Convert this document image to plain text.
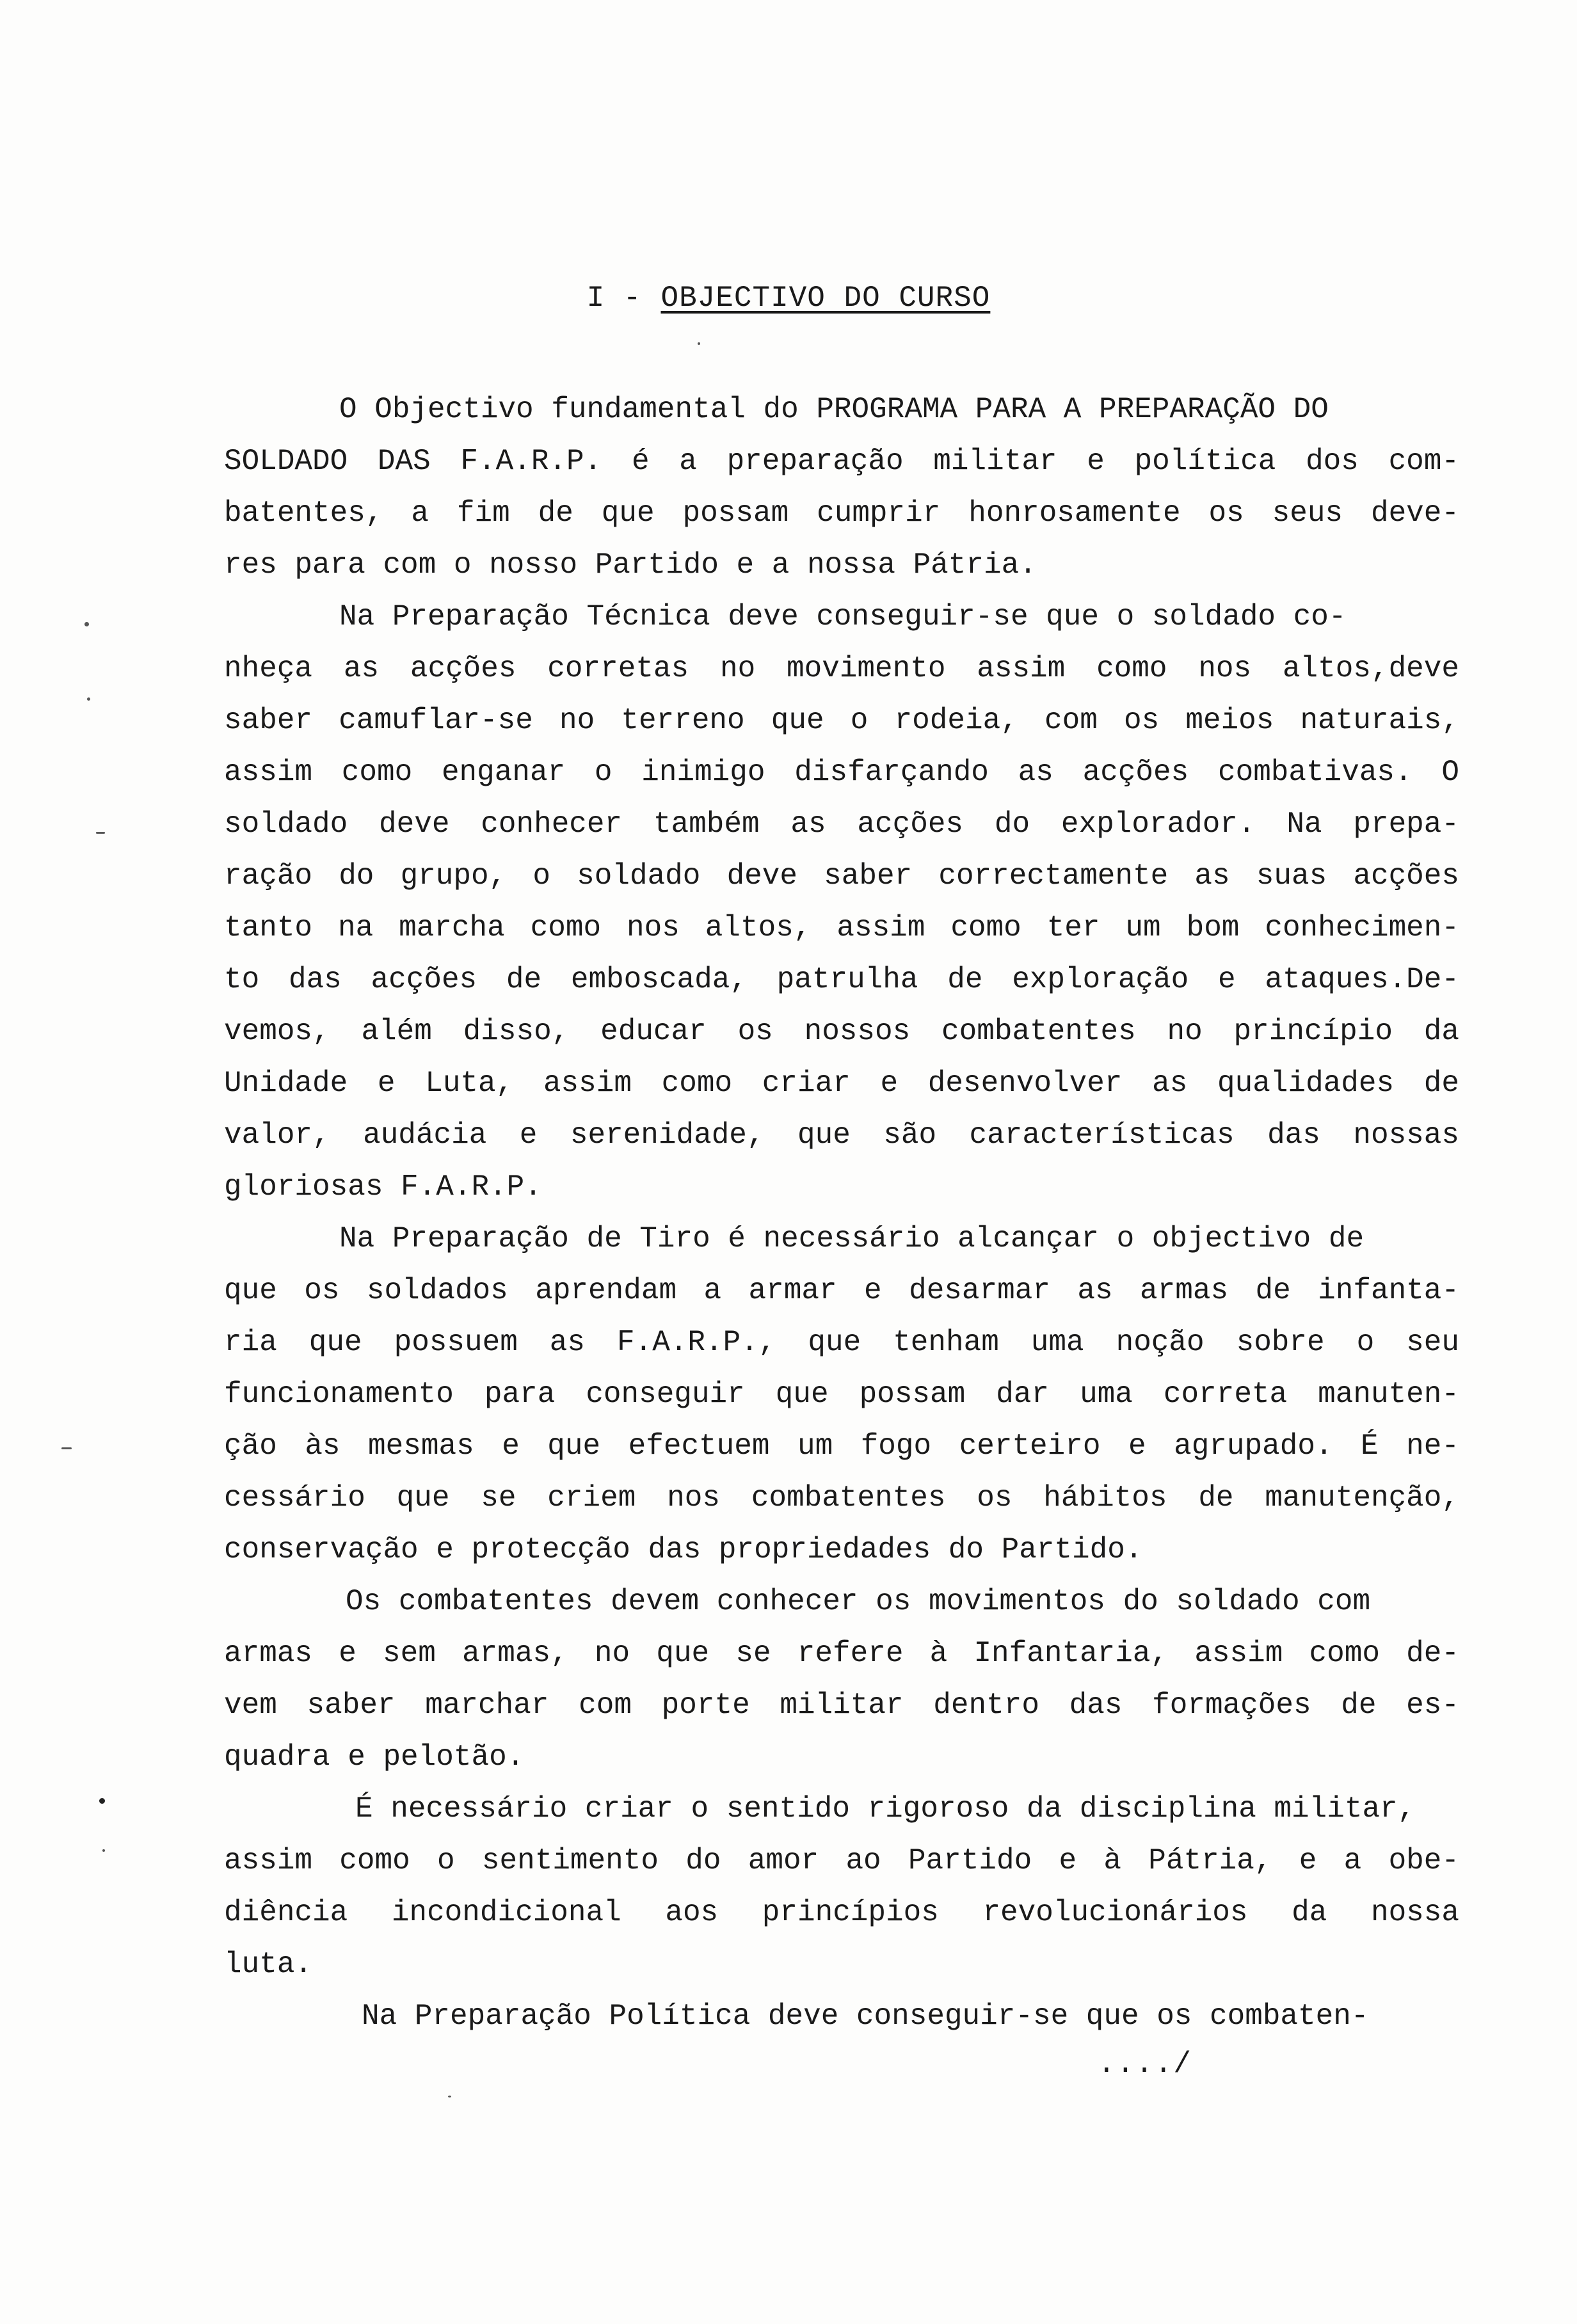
I - OBJECTIVO DO CURSO
O Objectivo fundamental do PROGRAMA PARA A PREPARAÇÃO DO
SOLDADO DAS F.A.R.P. é a preparação militar e política dos com-
batentes, a fim de que possam cumprir honrosamente os seus deve-
res para com o nosso Partido e a nossa Pátria.
Na Preparação Técnica deve conseguir-se que o soldado co-
nheça as acções corretas no movimento assim como nos altos,deve
saber camuflar-se no terreno que o rodeia, com os meios naturais,
assim como enganar o inimigo disfarçando as acções combativas. O
soldado deve conhecer também as acções do explorador. Na prepa-
ração do grupo, o soldado deve saber correctamente as suas acções
tanto na marcha como nos altos, assim como ter um bom conhecimen-
to das acções de emboscada, patrulha de exploração e ataques.De-
vemos, além disso, educar os nossos combatentes no princípio da
Unidade e Luta, assim como criar e desenvolver as qualidades de
valor, audácia e serenidade, que são características das nossas
gloriosas F.A.R.P.
Na Preparação de Tiro é necessário alcançar o objectivo de
que os soldados aprendam a armar e desarmar as armas de infanta-
ria que possuem as F.A.R.P., que tenham uma noção sobre o seu
funcionamento para conseguir que possam dar uma correta manuten-
ção às mesmas e que efectuem um fogo certeiro e agrupado. É ne-
cessário que se criem nos combatentes os hábitos de manutenção,
conservação e protecção das propriedades do Partido.
Os combatentes devem conhecer os movimentos do soldado com
armas e sem armas, no que se refere à Infantaria, assim como de-
vem saber marchar com porte militar dentro das formações de es-
quadra e pelotão.
É necessário criar o sentido rigoroso da disciplina militar,
assim como o sentimento do amor ao Partido e à Pátria, e a obe-
diência incondicional aos princípios revolucionários da nossa
luta.
Na Preparação Política deve conseguir-se que os combaten-
..../
